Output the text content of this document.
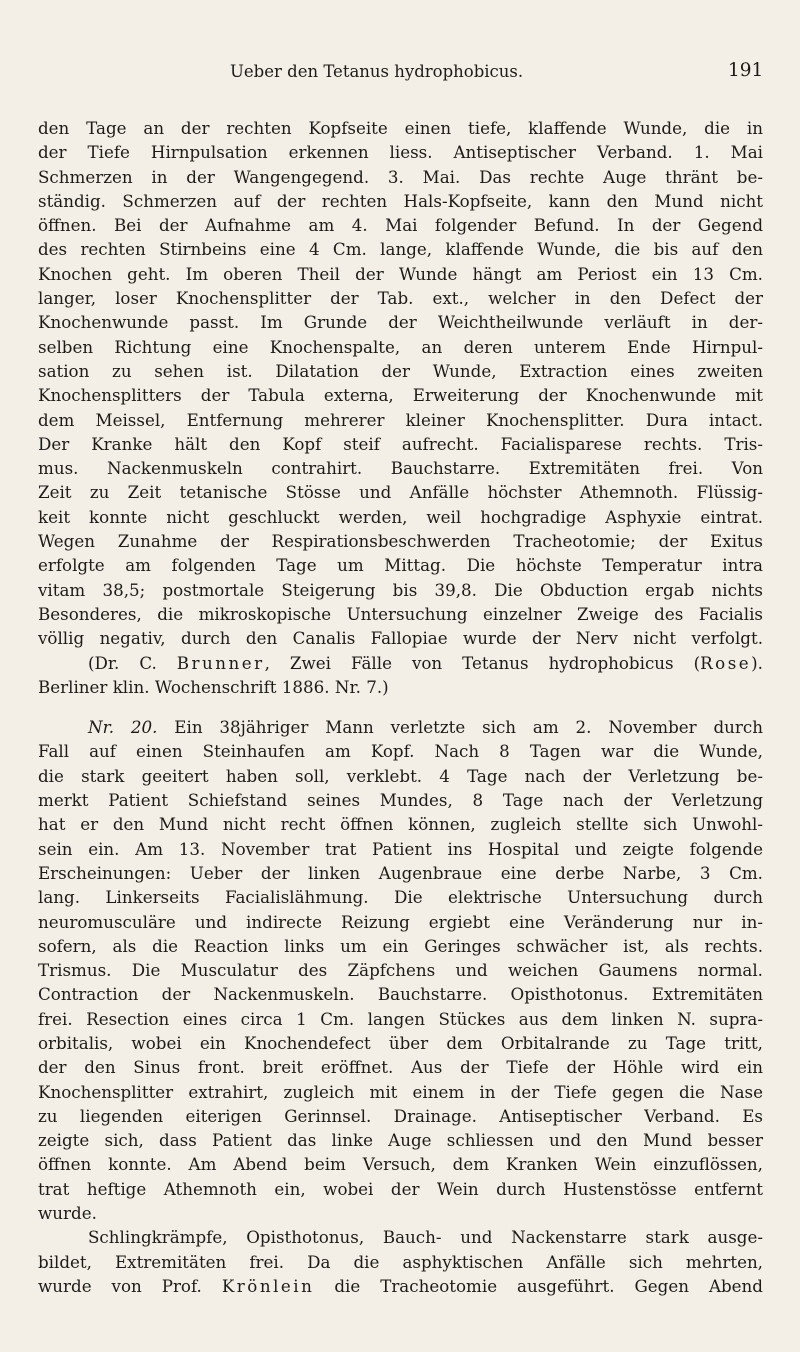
Ueber den Tetanus hydrophobicus.	191
den Tage an der rechten Kopfseite einen tiefe, klaffende Wunde, die in
der Tiefe Hirnpulsation erkennen liess. Antiseptischer Verband. 1. Mai
Schmerzen in der Wangengegend. 3. Mai. Das rechte Auge thränt be-
ständig. Schmerzen auf der rechten Hals-Kopfseite, kann den Mund nicht
öffnen. Bei der Aufnahme am 4. Mai folgender Befund. In der Gegend
des rechten Stirnbeins eine 4 Cm. lange, klaffende Wunde, die bis auf den
Knochen geht. Im oberen Theil der Wunde hängt am Periost ein 13 Cm.
langer, loser Knochensplitter der Tab. ext., welcher in den Defect der
Knochenwunde passt. Im Grunde der Weichtheilwunde verläuft in der-
selben Richtung eine Knochenspalte, an deren unterem Ende Hirnpul-
sation zu sehen ist. Dilatation der Wunde, Extraction eines zweiten
Knochensplitters der Tabula externa, Erweiterung der Knochenwunde mit
dem Meissel, Entfernung mehrerer kleiner Knochensplitter. Dura intact.
Der Kranke hält den Kopf steif aufrecht. Facialisparese rechts. Tris-
mus. Nackenmuskeln contrahirt. Bauchstarre. Extremitäten frei. Von
Zeit zu Zeit tetanische Stösse und Anfälle höchster Athemnoth. Flüssig-
keit konnte nicht geschluckt werden, weil hochgradige Asphyxie eintrat.
Wegen Zunahme der Respirationsbeschwerden Tracheotomie; der Exitus
erfolgte am folgenden Tage um Mittag. Die höchste Temperatur intra
vitam 38,5; postmortale Steigerung bis 39,8. Die Obduction ergab nichts
Besonderes, die mikroskopische Untersuchung einzelner Zweige des Facialis
völlig negativ, durch den Canalis Fallopiae wurde der Nerv nicht verfolgt.
(Dr. C. Brunner, Zwei Fälle von Tetanus hydrophobicus (Rose).
Berliner klin. Wochenschrift 1886. Nr. 7.)
Nr. 20. Ein 38jähriger Mann verletzte sich am 2. November durch
Fall auf einen Steinhaufen am Kopf. Nach 8 Tagen war die Wunde,
die stark geeitert haben soll, verklebt. 4 Tage nach der Verletzung be-
merkt Patient Schiefstand seines Mundes, 8 Tage nach der Verletzung
hat er den Mund nicht recht öffnen können, zugleich stellte sich Unwohl-
sein ein. Am 13. November trat Patient ins Hospital und zeigte folgende
Erscheinungen: Ueber der linken Augenbraue eine derbe Narbe, 3 Cm.
lang. Linkerseits Facialislähmung. Die elektrische Untersuchung durch
neuromusculäre und indirecte Reizung ergiebt eine Veränderung nur in-
sofern, als die Reaction links um ein Geringes schwächer ist, als rechts.
Trismus. Die Musculatur des Zäpfchens und weichen Gaumens normal.
Contraction der Nackenmuskeln. Bauchstarre. Opisthotonus. Extremitäten
frei. Resection eines circa 1 Cm. langen Stückes aus dem linken N. supra-
orbitalis, wobei ein Knochendefect über dem Orbitalrande zu Tage tritt,
der den Sinus front. breit eröffnet. Aus der Tiefe der Höhle wird ein
Knochensplitter extrahirt, zugleich mit einem in der Tiefe gegen die Nase
zu liegenden eiterigen Gerinnsel. Drainage. Antiseptischer Verband. Es
zeigte sich, dass Patient das linke Auge schliessen und den Mund besser
öffnen konnte. Am Abend beim Versuch, dem Kranken Wein einzuflössen,
trat heftige Athemnoth ein, wobei der Wein durch Hustenstösse entfernt
wurde.
Schlingkrämpfe, Opisthotonus, Bauch- und Nackenstarre stark ausge-
bildet, Extremitäten frei. Da die asphyktischen Anfälle sich mehrten,
wurde von Prof. Krönlein die Tracheotomie ausgeführt. Gegen Abend
